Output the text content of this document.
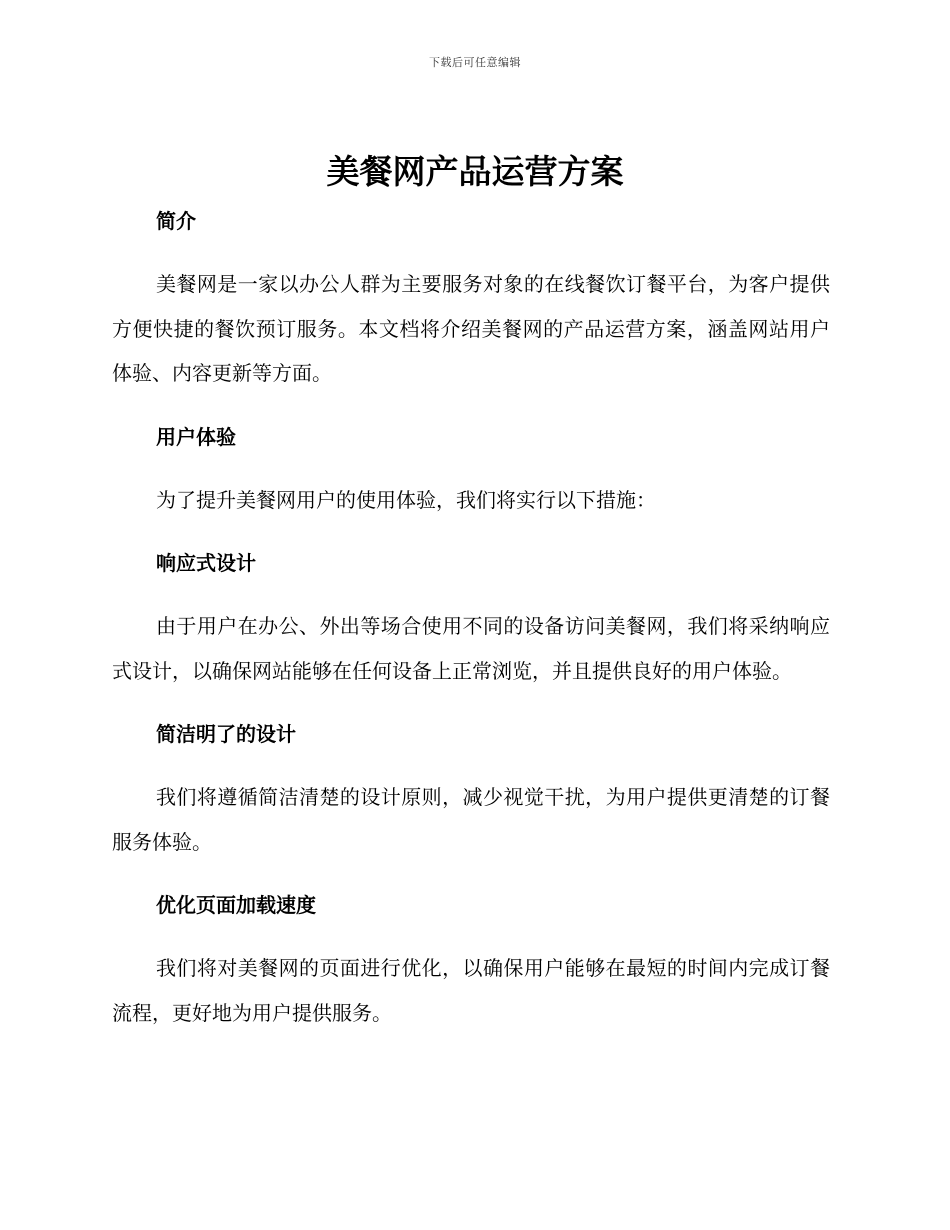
下载后可任意编辑
美餐网产品运营方案
简介
美餐网是一家以办公人群为主要服务对象的在线餐饮订餐平台，为客户提供方便快捷的餐饮预订服务。本文档将介绍美餐网的产品运营方案，涵盖网站用户体验、内容更新等方面。
用户体验
为了提升美餐网用户的使用体验，我们将实行以下措施：
响应式设计
由于用户在办公、外出等场合使用不同的设备访问美餐网，我们将采纳响应式设计，以确保网站能够在任何设备上正常浏览，并且提供良好的用户体验。
简洁明了的设计
我们将遵循简洁清楚的设计原则，减少视觉干扰，为用户提供更清楚的订餐服务体验。
优化页面加载速度
我们将对美餐网的页面进行优化，以确保用户能够在最短的时间内完成订餐流程，更好地为用户提供服务。
